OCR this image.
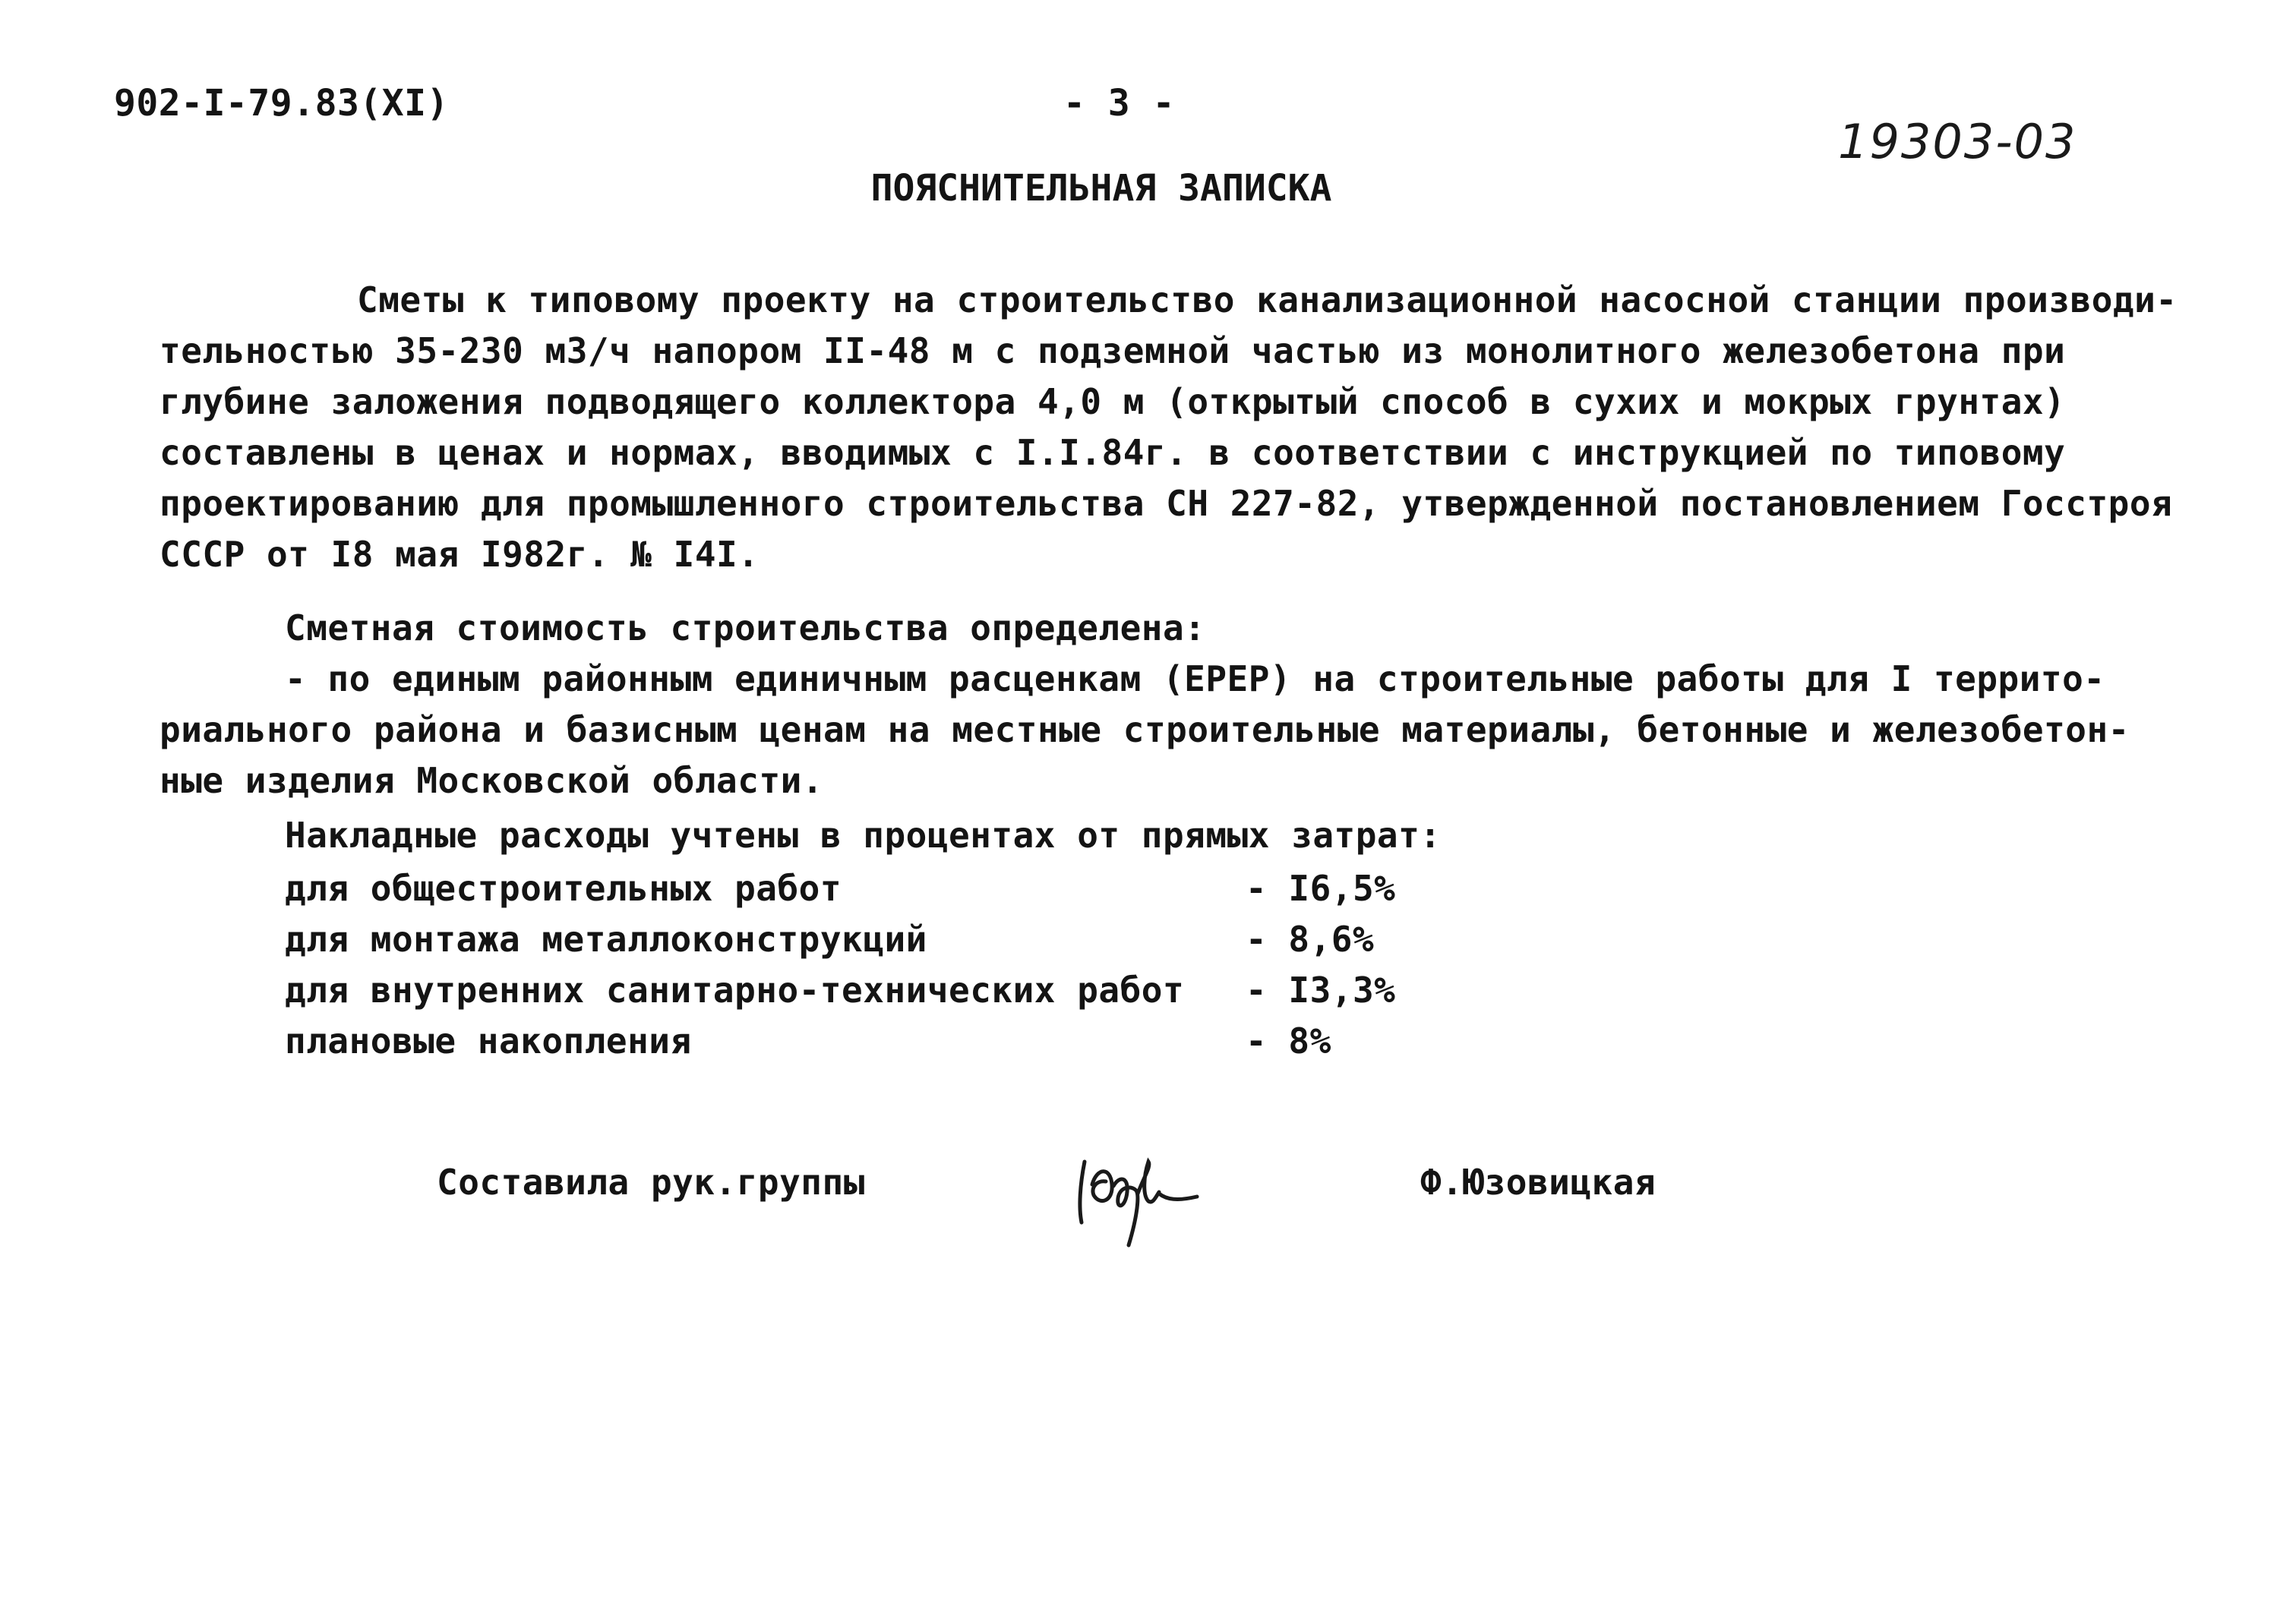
902-I-79.83(XI)	- 3 -
19303-03
ПОЯСНИТЕЛЬНАЯ ЗАПИСКА
Сметы к типовому проекту на строительство канализационной насосной станции производи-
тельностью 35-230 м3/ч напором II-48 м с подземной частью из монолитного железобетона при
глубине заложения подводящего коллектора 4,0 м (открытый способ в сухих и мокрых грунтах)
составлены в ценах и нормах, вводимых с I.I.84г. в соответствии с инструкцией по типовому
проектированию для промышленного строительства СН 227-82, утвержденной постановлением Госстроя
СССР от I8 мая I982г. № I4I.
Сметная стоимость строительства определена:
- по единым районным единичным расценкам (ЕРЕР) на строительные работы для I террито-
риального района и базисным ценам на местные строительные материалы, бетонные и железобетон-
ные изделия Московской области.
Накладные расходы учтены в процентах от прямых затрат:
для общестроительных работ	- I6,5%
для монтажа металлоконструкций	- 8,6%
для внутренних санитарно-технических работ - I3,3%
плановые накопления	- 8%
Составила рук.группы	Ф.Юзовицкая
